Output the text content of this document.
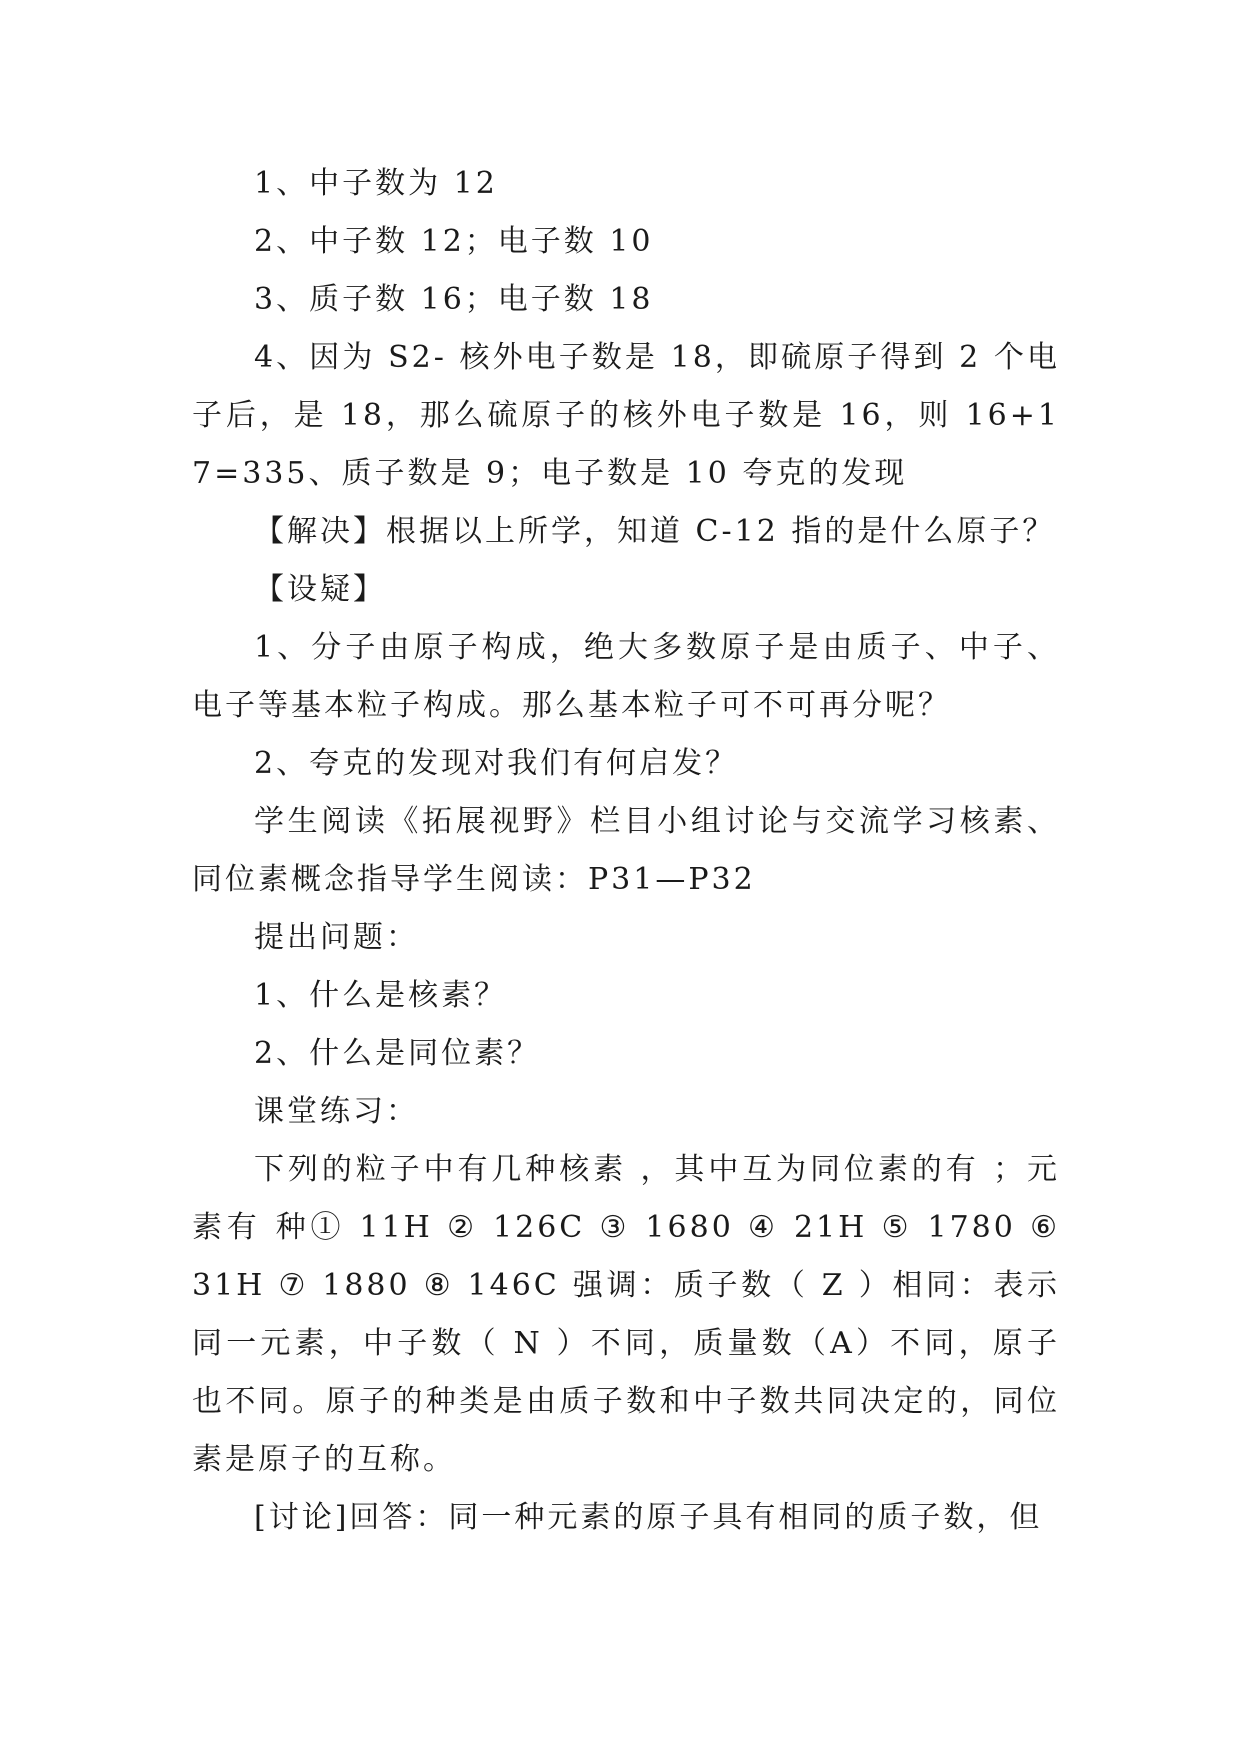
1、中子数为 12

2、中子数 12；电子数 10

3、质子数 16；电子数 18

4、因为 S2- 核外电子数是 18，即硫原子得到 2 个电子后，是 18，那么硫原子的核外电子数是 16，则 16+17=335、质子数是 9；电子数是 10 夸克的发现

【解决】根据以上所学，知道 C-12 指的是什么原子？

【设疑】

1、分子由原子构成，绝大多数原子是由质子、中子、电子等基本粒子构成。那么基本粒子可不可再分呢？

2、夸克的发现对我们有何启发？

学生阅读《拓展视野》栏目小组讨论与交流学习核素、同位素概念指导学生阅读：P31—P32

提出问题：

1、什么是核素？

2、什么是同位素？

课堂练习：

下列的粒子中有几种核素 ，其中互为同位素的有 ；元素有 种① 11H ② 126C ③ 1680 ④ 21H ⑤ 1780 ⑥ 31H ⑦ 1880 ⑧ 146C 强调：质子数（ Z ）相同：表示同一元素，中子数（ N ）不同，质量数（A）不同，原子也不同。原子的种类是由质子数和中子数共同决定的，同位素是原子的互称。

[讨论]回答：同一种元素的原子具有相同的质子数，但
